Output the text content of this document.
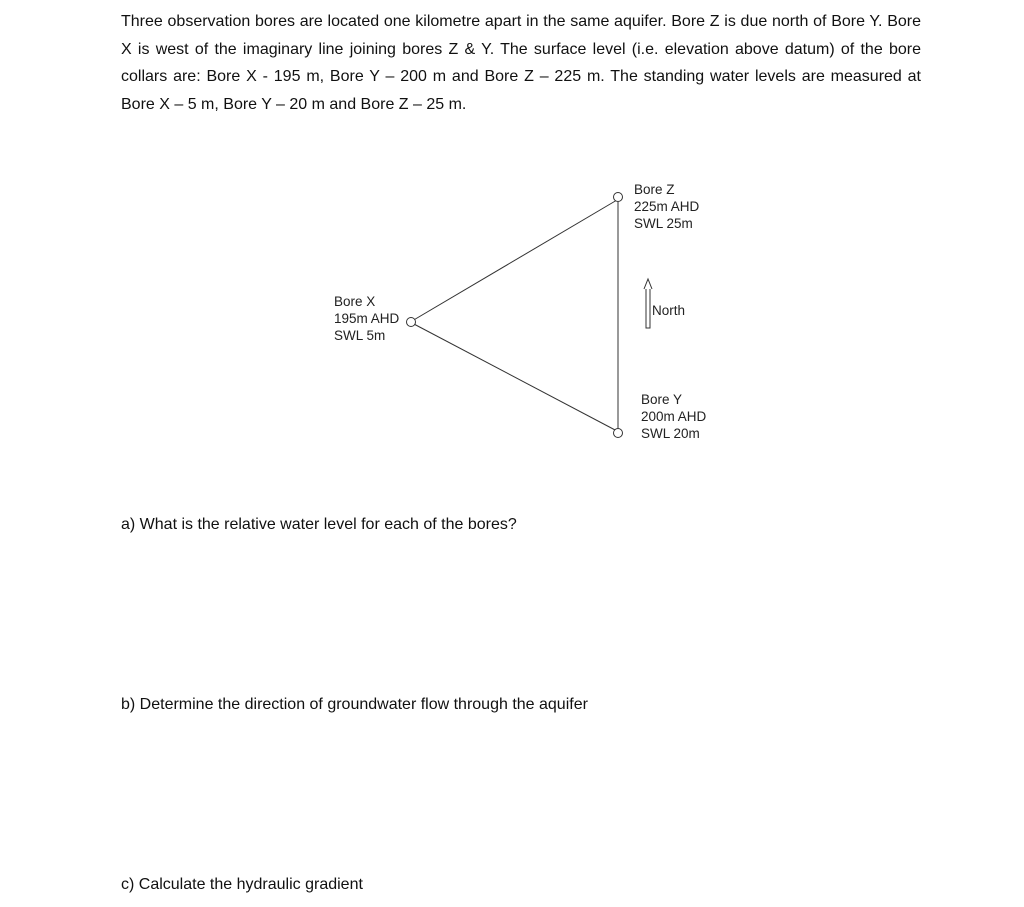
Three observation bores are located one kilometre apart in the same aquifer. Bore Z is due north of Bore Y. Bore X is west of the imaginary line joining bores Z & Y. The surface level (i.e. elevation above datum) of the bore collars are: Bore X - 195 m, Bore Y – 200 m and Bore Z – 225 m. The standing water levels are measured at Bore X – 5 m, Bore Y – 20 m and Bore Z – 25 m.

Bore Z
225m AHD
SWL 25m
Bore X
195m AHD
SWL 5m
Bore Y
200m AHD
SWL 20m
North

a) What is the relative water level for each of the bores?

b) Determine the direction of groundwater flow through the aquifer

c) Calculate the hydraulic gradient
